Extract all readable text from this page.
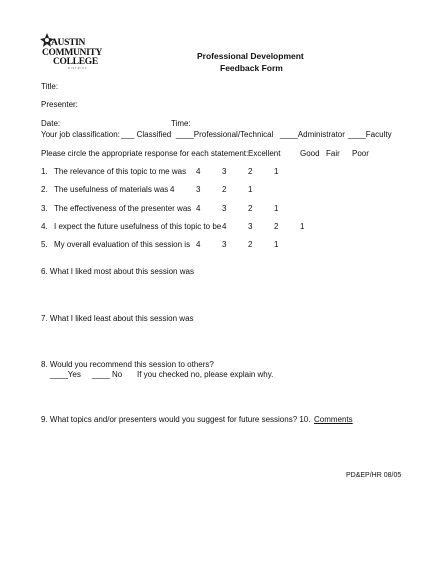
AUSTIN
COMMUNITY
COLLEGE
DISTRICT
Professional Development
Feedback Form
Title:
Presenter:
Date:	Time:
Your job classification: ___ Classified ____Professional/Technical ____Administrator ____Faculty
Please circle the appropriate response for each statement: Excellent Good Fair Poor
1. The relevance of this topic to me was 4	3	2	1
2. The usefulness of materials was 4	3	2	1
3. The effectiveness of the presenter was 4	3	2	1
4. I expect the future usefulness of this topic to be 4	3	2	1
5. My overall evaluation of this session is 4	3	2	1
6. What I liked most about this session was
7. What I liked least about this session was
8. Would you recommend this session to others?
____Yes ____ No If you checked no, please explain why.
9. What topics and/or presenters would you suggest for future sessions? 10. Comments
PD&EP/HR 08/05
